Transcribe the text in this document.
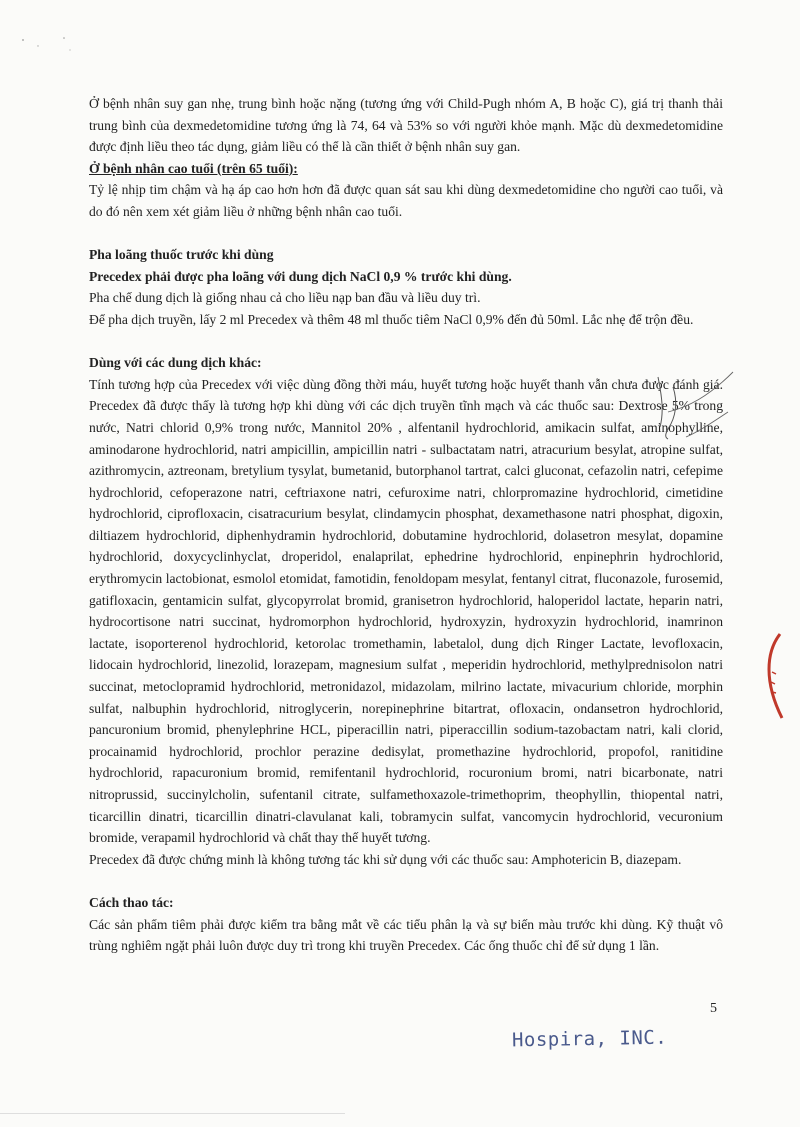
Ở bệnh nhân suy gan nhẹ, trung bình hoặc nặng (tương ứng với Child-Pugh nhóm A, B hoặc C), giá trị thanh thải trung bình của dexmedetomidine tương ứng là 74, 64 và 53% so với người khỏe mạnh. Mặc dù dexmedetomidine được định liều theo tác dụng, giảm liều có thể là cần thiết ở bệnh nhân suy gan.

Ở bệnh nhân cao tuổi (trên 65 tuổi):

Tỷ lệ nhịp tim chậm và hạ áp cao hơn hơn đã được quan sát sau khi dùng dexmedetomidine cho người cao tuổi, và do đó nên xem xét giảm liều ở những bệnh nhân cao tuổi.

Pha loãng thuốc trước khi dùng

Precedex phải được pha loãng với dung dịch NaCl 0,9 % trước khi dùng.

Pha chế dung dịch là giống nhau cả cho liều nạp ban đầu và liều duy trì.

Để pha dịch truyền, lấy 2 ml Precedex và thêm 48 ml thuốc tiêm NaCl 0,9% đến đủ 50ml. Lắc nhẹ để trộn đều.

Dùng với các dung dịch khác:

Tính tương hợp của Precedex với việc dùng đồng thời máu, huyết tương hoặc huyết thanh vẫn chưa được đánh giá. Precedex đã được thấy là tương hợp khi dùng với các dịch truyền tĩnh mạch và các thuốc sau: Dextrose 5% trong nước, Natri chlorid 0,9% trong nước, Mannitol 20% , alfentanil hydrochlorid, amikacin sulfat, aminophylline, aminodarone hydrochlorid, natri ampicillin, ampicillin natri - sulbactatam natri, atracurium besylat, atropine sulfat, azithromycin, aztreonam, bretylium tysylat, bumetanid, butorphanol tartrat, calci gluconat, cefazolin natri, cefepime hydrochlorid, cefoperazone natri, ceftriaxone natri, cefuroxime natri, chlorpromazine hydrochlorid, cimetidine hydrochlorid, ciprofloxacin, cisatracurium besylat, clindamycin phosphat, dexamethasone natri phosphat, digoxin, diltiazem hydrochlorid, diphenhydramin hydrochlorid, dobutamine hydrochlorid, dolasetron mesylat, dopamine hydrochlorid, doxycyclinhyclat, droperidol, enalaprilat, ephedrine hydrochlorid, enpinephrin hydrochlorid, erythromycin lactobionat, esmolol etomidat, famotidin, fenoldopam mesylat, fentanyl citrat, fluconazole, furosemid, gatifloxacin, gentamicin sulfat, glycopyrrolat bromid, granisetron hydrochlorid, haloperidol lactate, heparin natri, hydrocortisone natri succinat, hydromorphon hydrochlorid, hydroxyzin, hydroxyzin hydrochlorid, inamrinon lactate, isoporterenol hydrochlorid, ketorolac tromethamin, labetalol, dung dịch Ringer Lactate, levofloxacin, lidocain hydrochlorid, linezolid, lorazepam, magnesium sulfat , meperidin hydrochlorid, methylprednisolon natri succinat, metoclopramid hydrochlorid, metronidazol, midazolam, milrino lactate, mivacurium chloride, morphin sulfat, nalbuphin hydrochlorid, nitroglycerin, norepinephrine bitartrat, ofloxacin, ondansetron hydrochlorid, pancuronium bromid, phenylephrine HCL, piperacillin natri, piperaccillin sodium-tazobactam natri, kali clorid, procainamid hydrochlorid, prochlor perazine dedisylat, promethazine hydrochlorid, propofol, ranitidine hydrochlorid, rapacuronium bromid, remifentanil hydrochlorid, rocuronium bromi, natri bicarbonate, natri nitroprussid, succinylcholin, sufentanil citrate, sulfamethoxazole-trimethoprim, theophyllin, thiopental natri, ticarcillin dinatri, ticarcillin dinatri-clavulanat kali, tobramycin sulfat, vancomycin hydrochlorid, vecuronium bromide, verapamil hydrochlorid và chất thay thế huyết tương.

Precedex đã được chứng minh là không tương tác khi sử dụng với các thuốc sau: Amphotericin B, diazepam.

Cách thao tác:

Các sản phẩm tiêm phải được kiểm tra bằng mắt về các tiểu phân lạ và sự biến màu trước khi dùng. Kỹ thuật vô trùng nghiêm ngặt phải luôn được duy trì trong khi truyền Precedex. Các ống thuốc chỉ để sử dụng 1 lần.

5
Hospira, INC.
